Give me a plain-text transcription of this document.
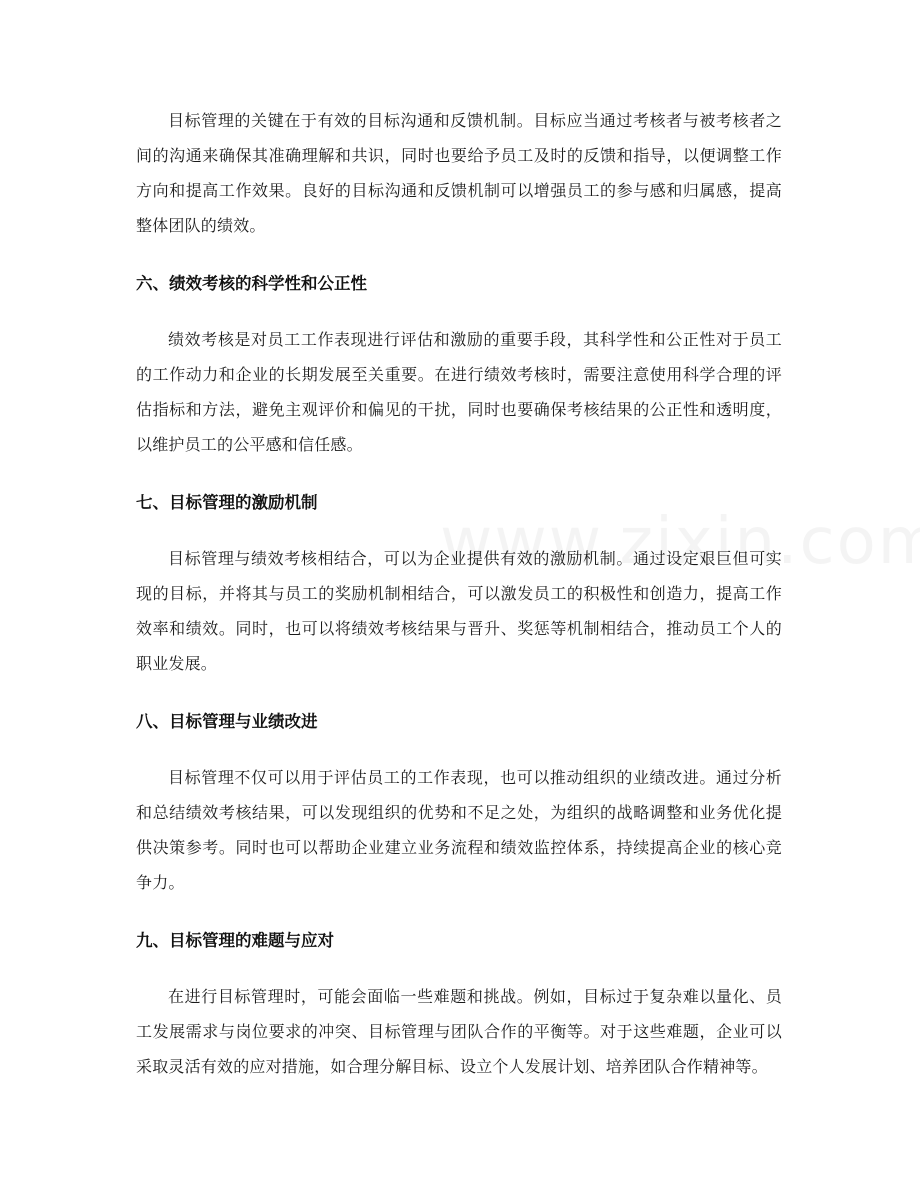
目标管理的关键在于有效的目标沟通和反馈机制。目标应当通过考核者与被考核者之间的沟通来确保其准确理解和共识，同时也要给予员工及时的反馈和指导，以便调整工作方向和提高工作效果。良好的目标沟通和反馈机制可以增强员工的参与感和归属感，提高整体团队的绩效。

六、绩效考核的科学性和公正性

绩效考核是对员工工作表现进行评估和激励的重要手段，其科学性和公正性对于员工的工作动力和企业的长期发展至关重要。在进行绩效考核时，需要注意使用科学合理的评估指标和方法，避免主观评价和偏见的干扰，同时也要确保考核结果的公正性和透明度，以维护员工的公平感和信任感。

七、目标管理的激励机制

目标管理与绩效考核相结合，可以为企业提供有效的激励机制。通过设定艰巨但可实现的目标，并将其与员工的奖励机制相结合，可以激发员工的积极性和创造力，提高工作效率和绩效。同时，也可以将绩效考核结果与晋升、奖惩等机制相结合，推动员工个人的职业发展。

八、目标管理与业绩改进

目标管理不仅可以用于评估员工的工作表现，也可以推动组织的业绩改进。通过分析和总结绩效考核结果，可以发现组织的优势和不足之处，为组织的战略调整和业务优化提供决策参考。同时也可以帮助企业建立业务流程和绩效监控体系，持续提高企业的核心竞争力。

九、目标管理的难题与应对

在进行目标管理时，可能会面临一些难题和挑战。例如，目标过于复杂难以量化、员工发展需求与岗位要求的冲突、目标管理与团队合作的平衡等。对于这些难题，企业可以采取灵活有效的应对措施，如合理分解目标、设立个人发展计划、培养团队合作精神等。
